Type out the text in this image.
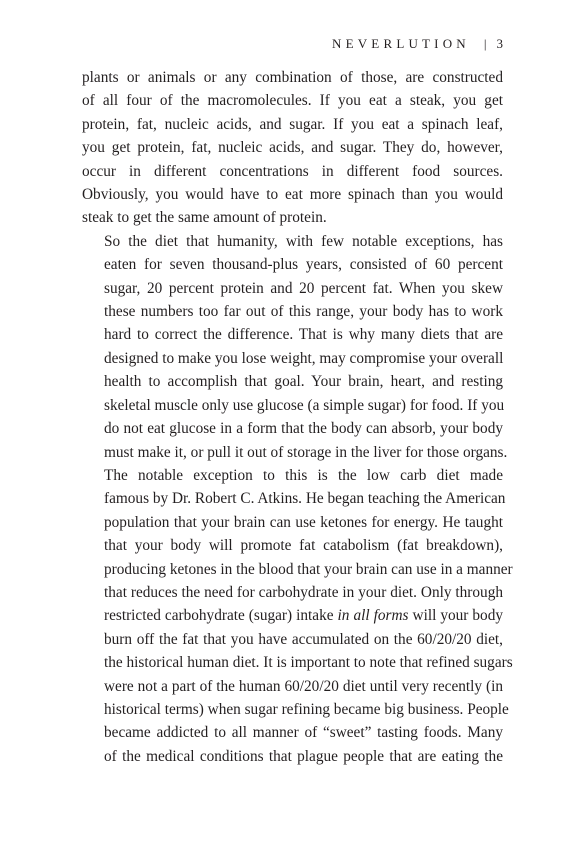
NEVERLUTION | 3
plants or animals or any combination of those, are constructed
of all four of the macromolecules. If you eat a steak, you get
protein, fat, nucleic acids, and sugar. If you eat a spinach leaf,
you get protein, fat, nucleic acids, and sugar. They do, however,
occur in different concentrations in different food sources.
Obviously, you would have to eat more spinach than you would
steak to get the same amount of protein.
So the diet that humanity, with few notable exceptions, has
eaten for seven thousand-plus years, consisted of 60 percent
sugar, 20 percent protein and 20 percent fat. When you skew
these numbers too far out of this range, your body has to work
hard to correct the difference. That is why many diets that are
designed to make you lose weight, may compromise your overall
health to accomplish that goal. Your brain, heart, and resting
skeletal muscle only use glucose (a simple sugar) for food. If you
do not eat glucose in a form that the body can absorb, your body
must make it, or pull it out of storage in the liver for those organs.
The notable exception to this is the low carb diet made
famous by Dr. Robert C. Atkins. He began teaching the American
population that your brain can use ketones for energy. He taught
that your body will promote fat catabolism (fat breakdown),
producing ketones in the blood that your brain can use in a manner
that reduces the need for carbohydrate in your diet. Only through
restricted carbohydrate (sugar) intake in all forms will your body
burn off the fat that you have accumulated on the 60/20/20 diet,
the historical human diet. It is important to note that refined sugars
were not a part of the human 60/20/20 diet until very recently (in
historical terms) when sugar refining became big business. People
became addicted to all manner of “sweet” tasting foods. Many
of the medical conditions that plague people that are eating the
